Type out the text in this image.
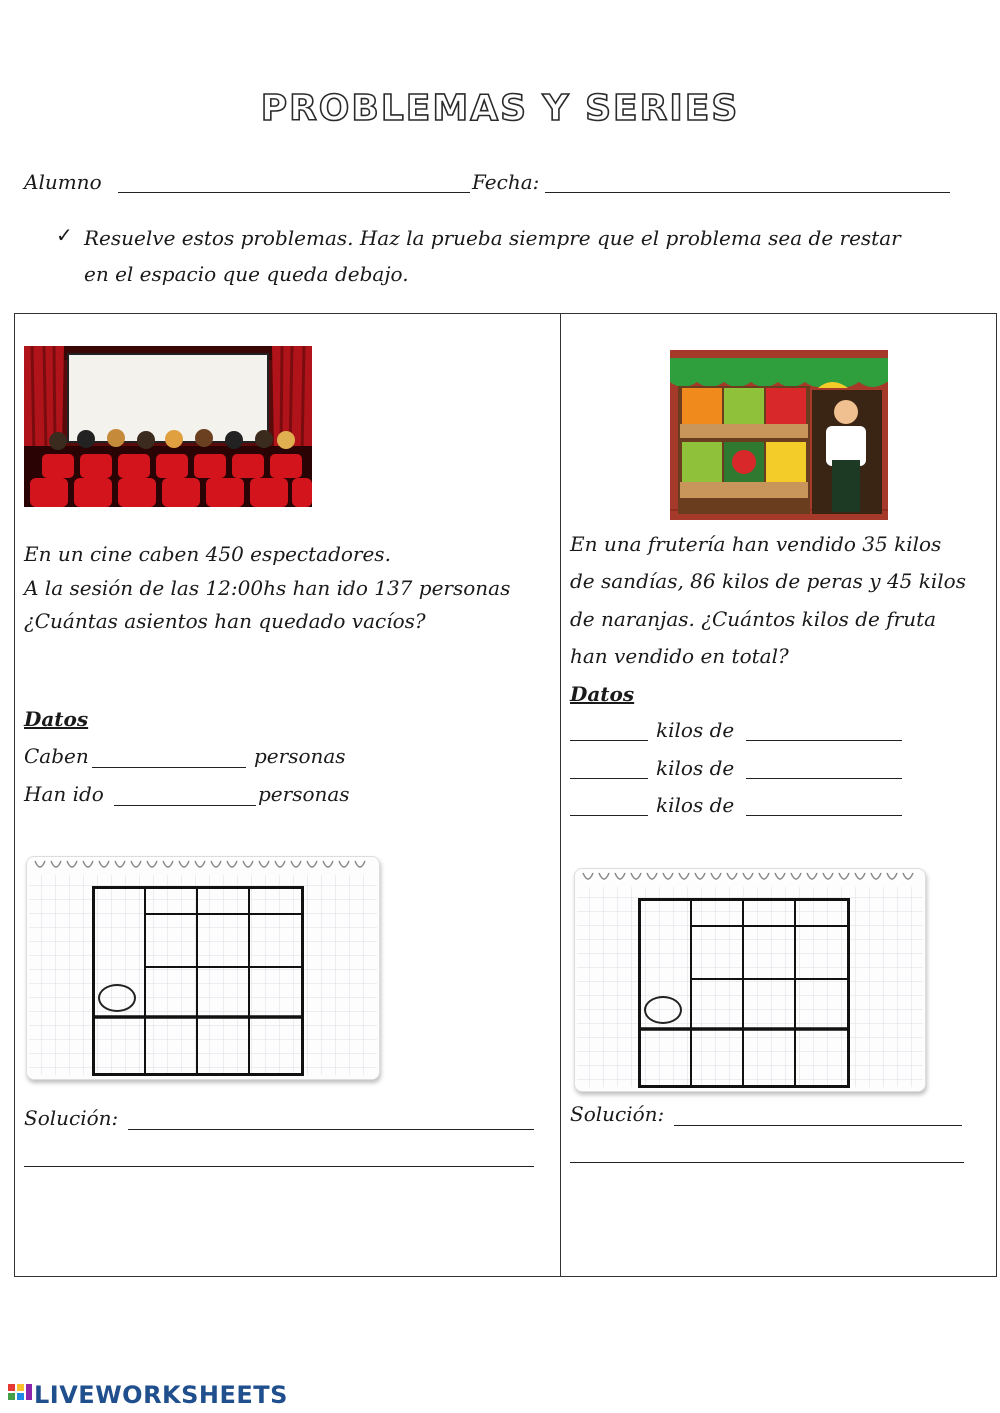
PROBLEMAS Y SERIES
Alumno	Fecha:
✓ Resuelve estos problemas. Haz la prueba siempre que el problema sea de restar
en el espacio que queda debajo.
En un cine caben 450 espectadores.
A la sesión de las 12:00hs han ido 137 personas
¿Cuántas asientos han quedado vacíos?
Datos
Caben	personas
Han ido	personas
Solución:
En una frutería han vendido 35 kilos
de sandías, 86 kilos de peras y 45 kilos
de naranjas. ¿Cuántos kilos de fruta
han vendido en total?
Datos
kilos de
kilos de
kilos de
Solución:
LIVEWORKSHEETS
